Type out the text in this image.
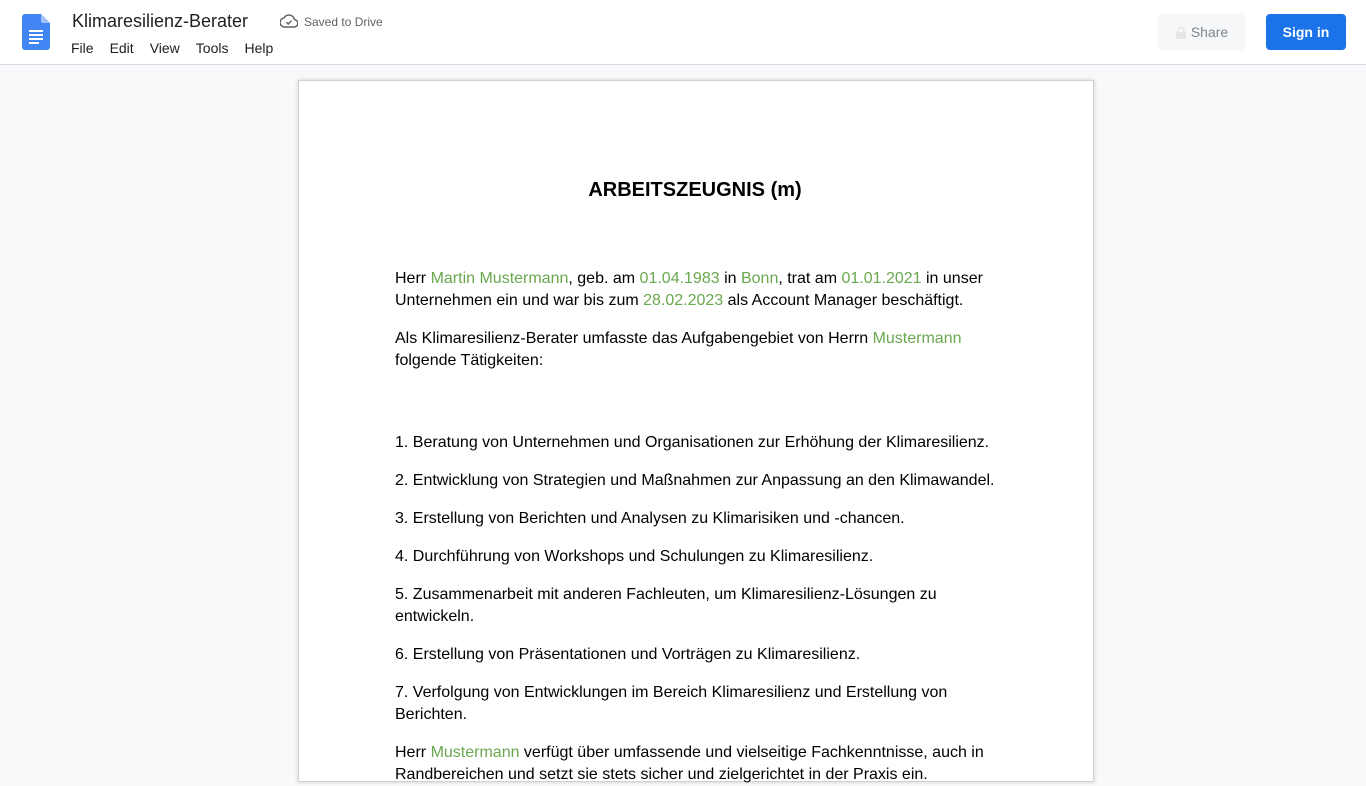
Klimaresilienz-Berater	Saved to Drive
File	Edit	View	Tools	Help
Share	Sign in
ARBEITSZEUGNIS (m)

Herr Martin Mustermann, geb. am 01.04.1983 in Bonn, trat am 01.01.2021 in unser Unternehmen ein und war bis zum 28.02.2023 als Account Manager beschäftigt.

Als Klimaresilienz-Berater umfasste das Aufgabengebiet von Herrn Mustermann folgende Tätigkeiten:

1. Beratung von Unternehmen und Organisationen zur Erhöhung der Klimaresilienz.

2. Entwicklung von Strategien und Maßnahmen zur Anpassung an den Klimawandel.

3. Erstellung von Berichten und Analysen zu Klimarisiken und -chancen.

4. Durchführung von Workshops und Schulungen zu Klimaresilienz.

5. Zusammenarbeit mit anderen Fachleuten, um Klimaresilienz-Lösungen zu entwickeln.

6. Erstellung von Präsentationen und Vorträgen zu Klimaresilienz.

7. Verfolgung von Entwicklungen im Bereich Klimaresilienz und Erstellung von Berichten.

Herr Mustermann verfügt über umfassende und vielseitige Fachkenntnisse, auch in Randbereichen und setzt sie stets sicher und zielgerichtet in der Praxis ein.
